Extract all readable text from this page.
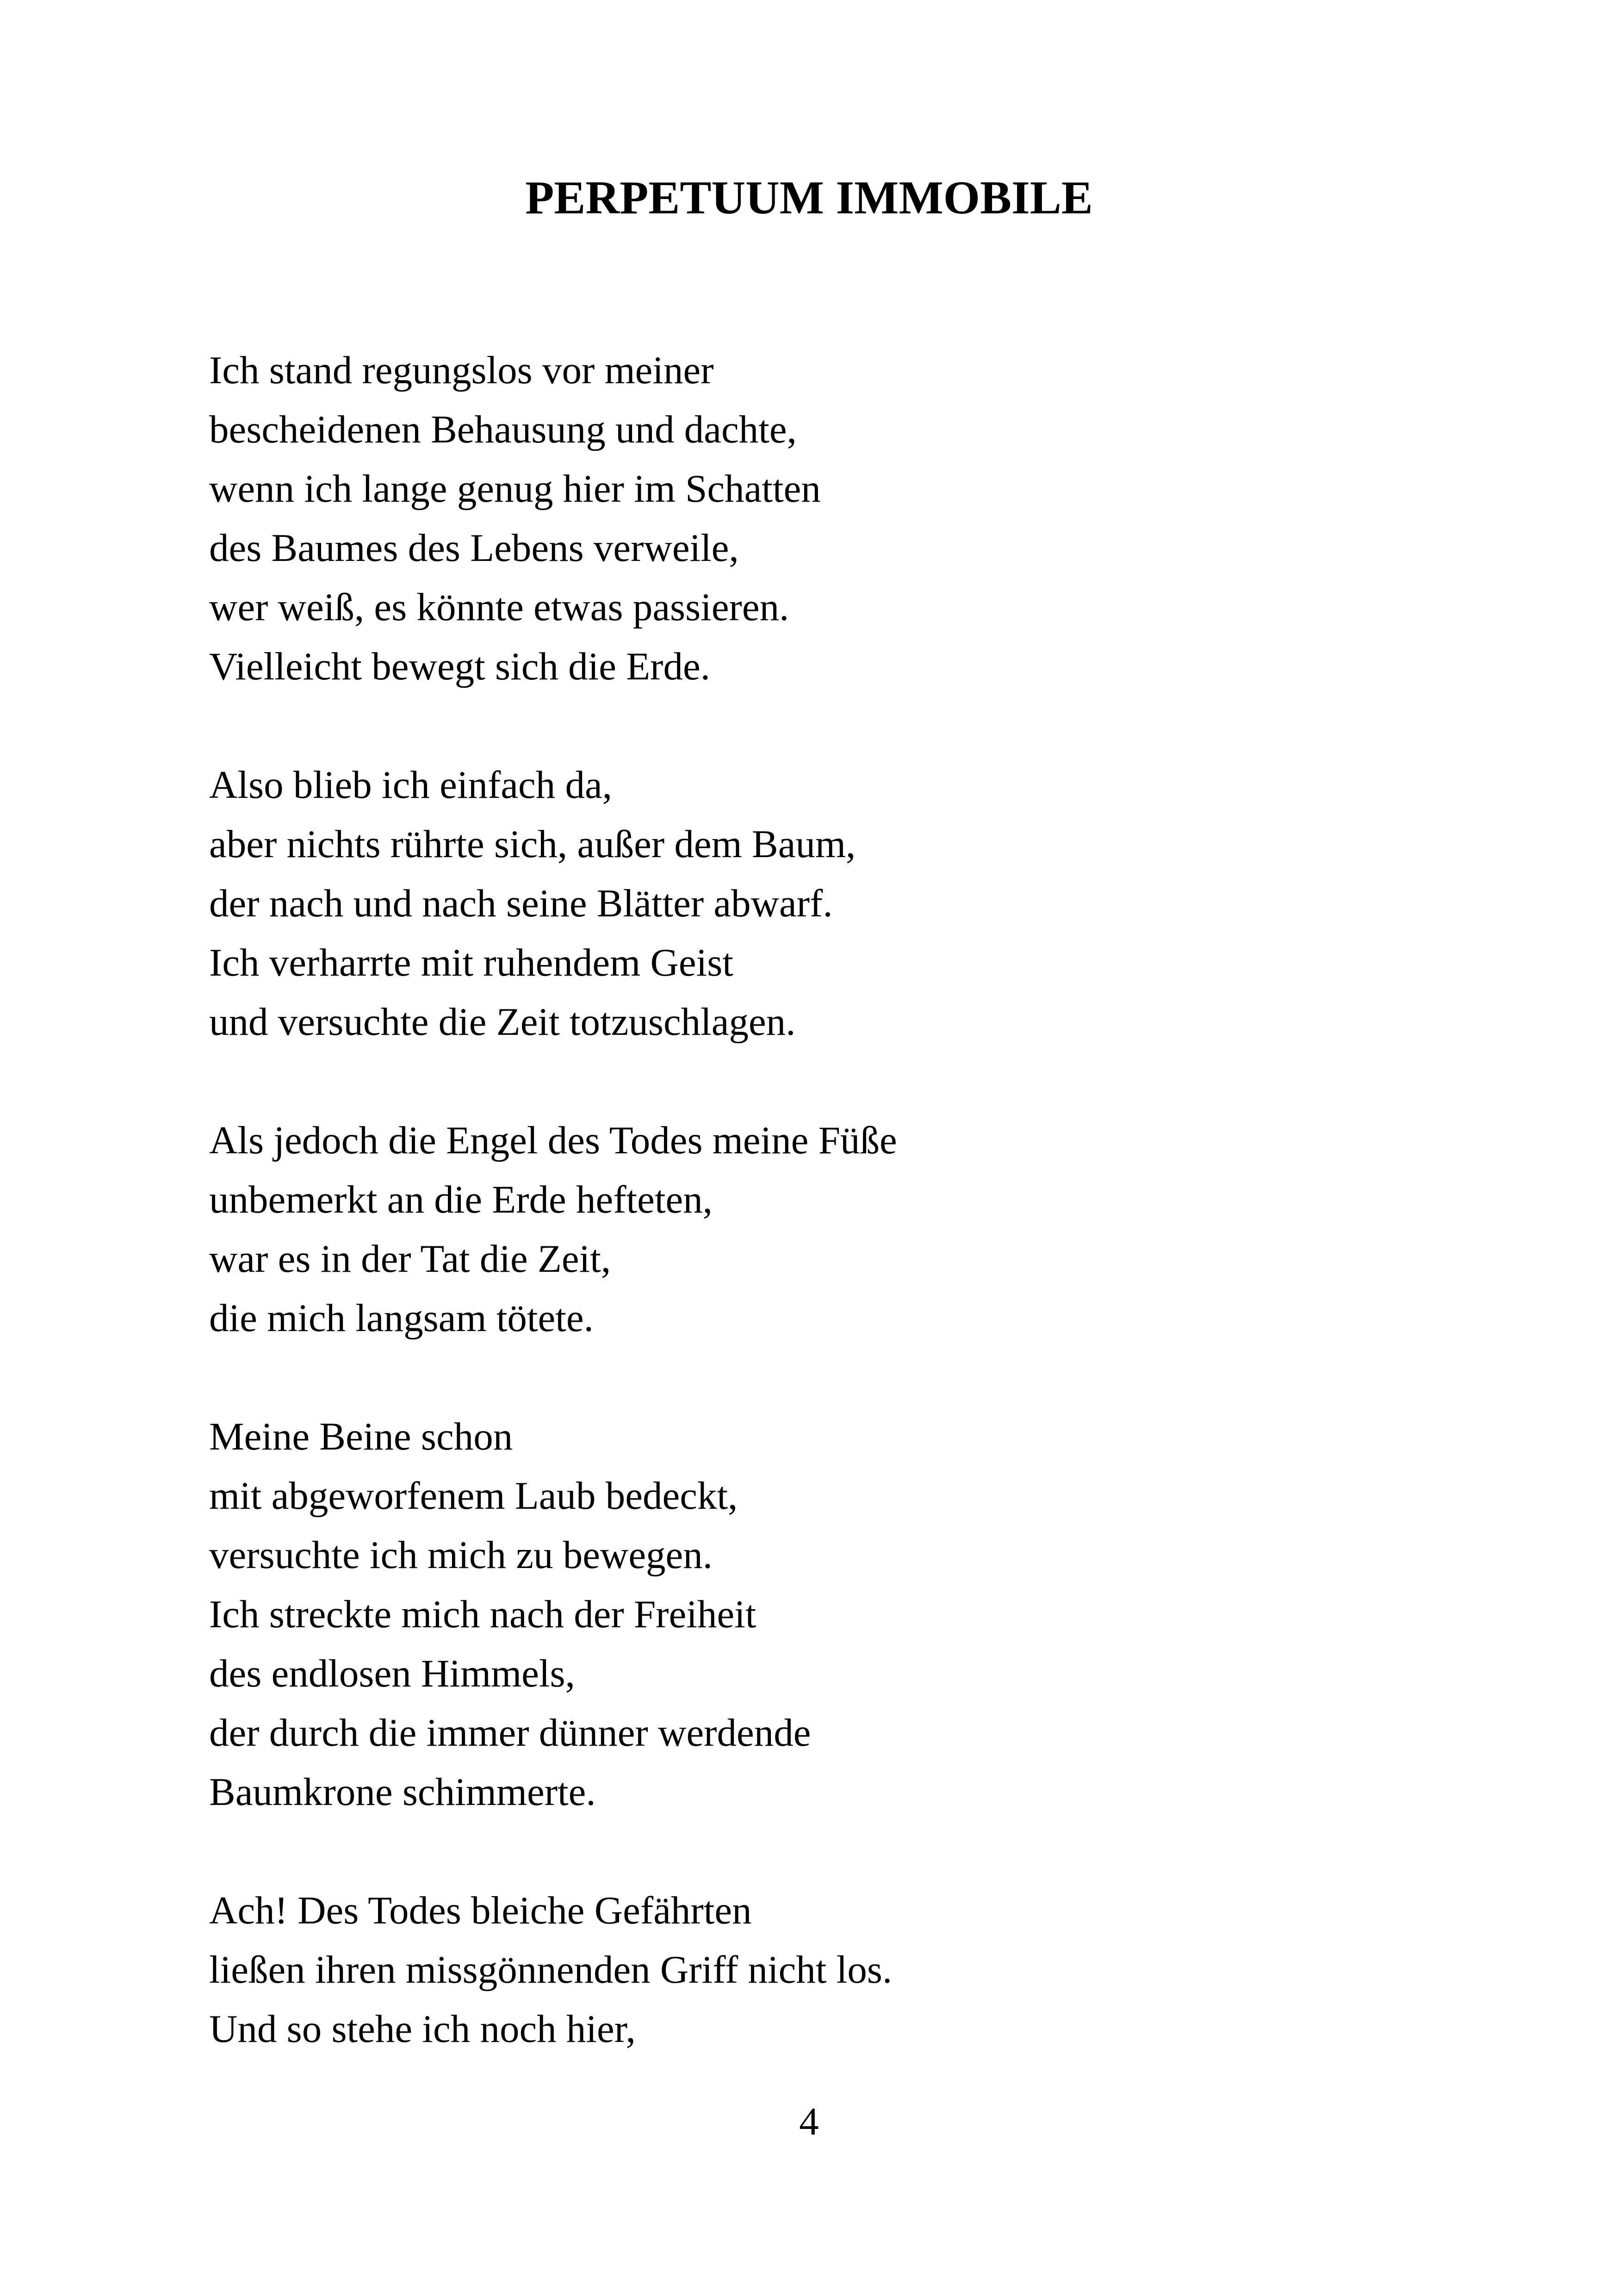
PERPETUUM IMMOBILE
Ich stand regungslos vor meiner
bescheidenen Behausung und dachte,
wenn ich lange genug hier im Schatten
des Baumes des Lebens verweile,
wer weiß, es könnte etwas passieren.
Vielleicht bewegt sich die Erde.
Also blieb ich einfach da,
aber nichts rührte sich, außer dem Baum,
der nach und nach seine Blätter abwarf.
Ich verharrte mit ruhendem Geist
und versuchte die Zeit totzuschlagen.
Als jedoch die Engel des Todes meine Füße
unbemerkt an die Erde hefteten,
war es in der Tat die Zeit,
die mich langsam tötete.
Meine Beine schon
mit abgeworfenem Laub bedeckt,
versuchte ich mich zu bewegen.
Ich streckte mich nach der Freiheit
des endlosen Himmels,
der durch die immer dünner werdende
Baumkrone schimmerte.
Ach! Des Todes bleiche Gefährten
ließen ihren missgönnenden Griff nicht los.
Und so stehe ich noch hier,
4
